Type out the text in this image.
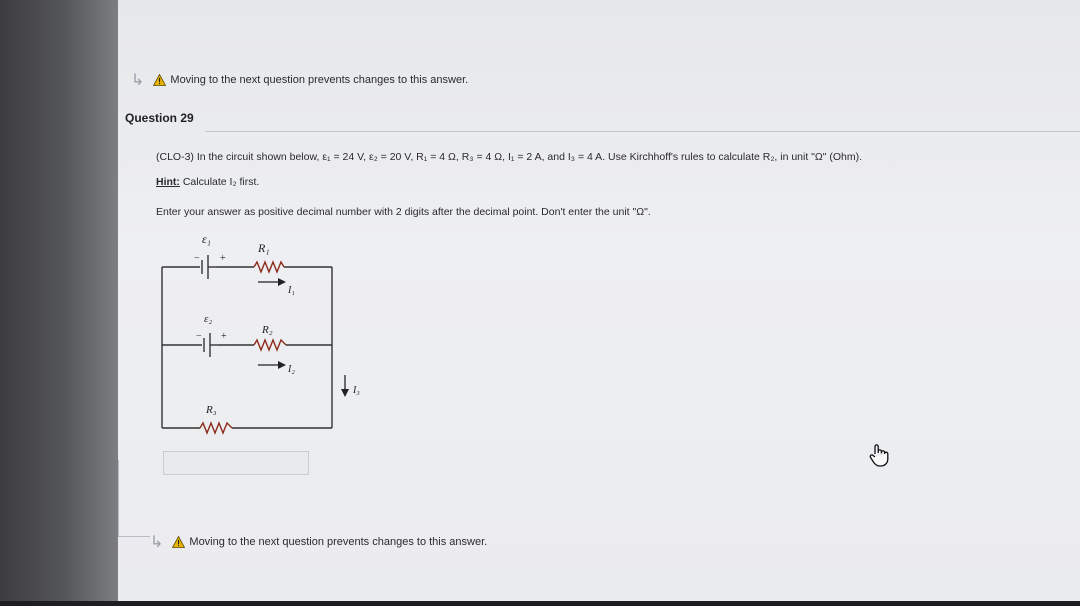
↳ Moving to the next question prevents changes to this answer.
Question 29
(CLO-3) In the circuit shown below, ε₁ = 24 V, ε₂ = 20 V, R₁ = 4 Ω, R₃ = 4 Ω, I₁ = 2 A, and I₃ = 4 A. Use Kirchhoff's rules to calculate R₂, in unit "Ω" (Ohm).
Hint: Calculate I₂ first.
Enter your answer as positive decimal number with 2 digits after the decimal point. Don't enter the unit "Ω".
ε₁
− +
R₁
I₁
ε₂
− +
R₂
I₂
I₃
R₃
↳ Moving to the next question prevents changes to this answer.
